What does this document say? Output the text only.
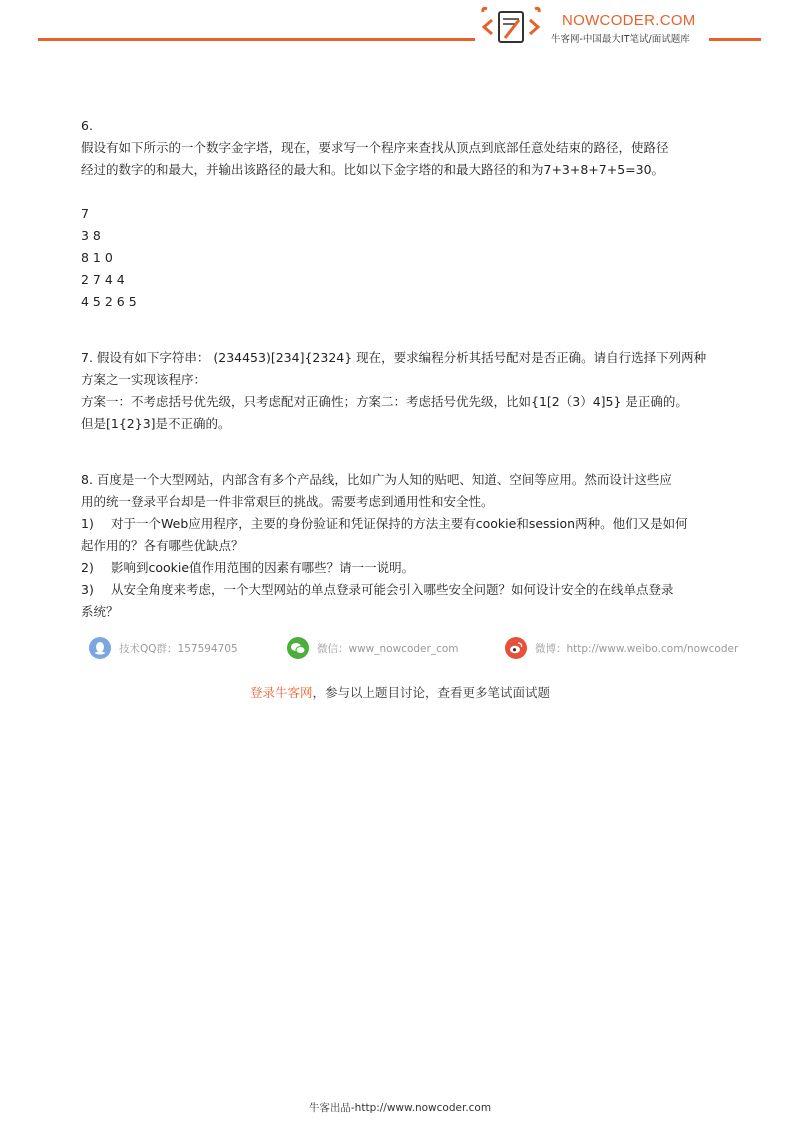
NOWCODER.COM
牛客网-中国最大IT笔试/面试题库

6.

假设有如下所示的一个数字金字塔，现在，要求写一个程序来查找从顶点到底部任意处结束的路径，使路径

经过的数字的和最大，并输出该路径的最大和。比如以下金字塔的和最大路径的和为7+3+8+7+5=30。

7

3 8

8 1 0

2 7 4 4

4 5 2 6 5

7. 假设有如下字符串： (234453)[234]{2324} 现在，要求编程分析其括号配对是否正确。请自行选择下列两种

方案之一实现该程序：

方案一：不考虑括号优先级，只考虑配对正确性；方案二：考虑括号优先级，比如{1[2（3）4]5} 是正确的。

但是[1{2}3]是不正确的。

8. 百度是一个大型网站，内部含有多个产品线，比如广为人知的贴吧、知道、空间等应用。然而设计这些应

用的统一登录平台却是一件非常艰巨的挑战。需要考虑到通用性和安全性。

1) 对于一个Web应用程序，主要的身份验证和凭证保持的方法主要有cookie和session两种。他们又是如何

起作用的？各有哪些优缺点？

2) 影响到cookie值作用范围的因素有哪些？请一一说明。

3) 从安全角度来考虑，一个大型网站的单点登录可能会引入哪些安全问题？如何设计安全的在线单点登录

系统？

技术QQ群：157594705	微信：www_nowcoder_com	微博：http://www.weibo.com/nowcoder
登录牛客网，参与以上题目讨论，查看更多笔试面试题
牛客出品-http://www.nowcoder.com
